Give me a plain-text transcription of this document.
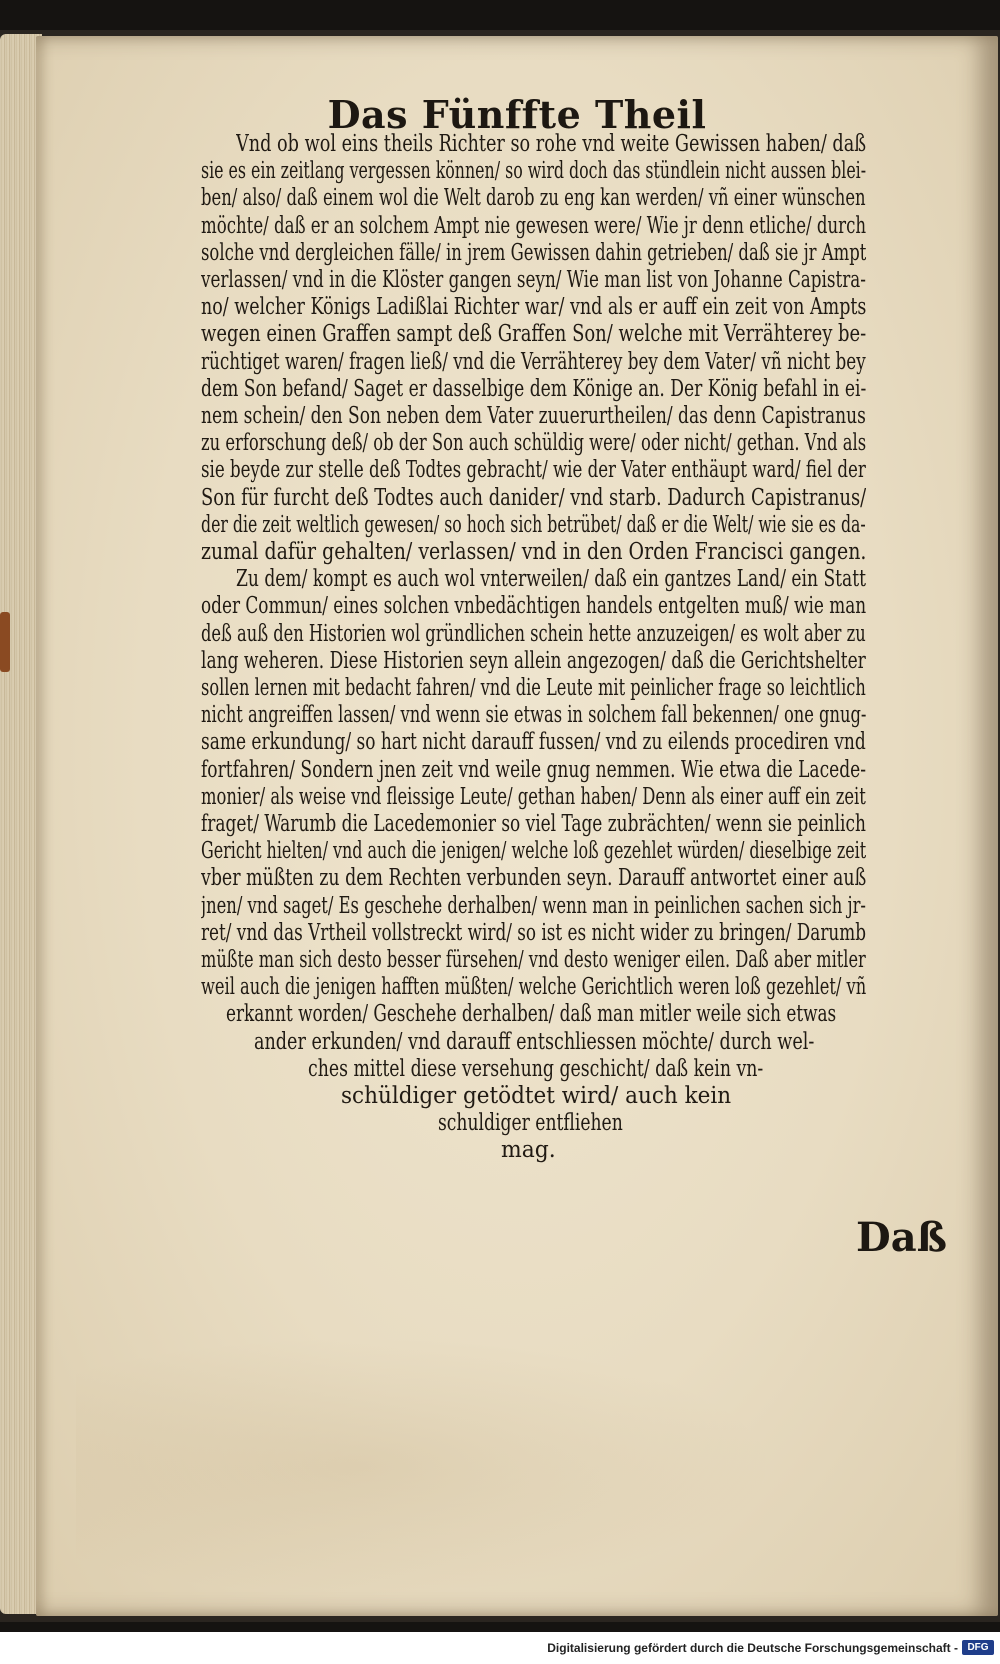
Das Fünffte Theil
Vnd ob wol eins theils Richter so rohe vnd weite Gewissen haben/ daß
sie es ein zeitlang vergessen können/ so wird doch das stündlein nicht aussen blei-
ben/ also/ daß einem wol die Welt darob zu eng kan werden/ vñ einer wünschen
möchte/ daß er an solchem Ampt nie gewesen were/ Wie jr denn etliche/ durch
solche vnd dergleichen fälle/ in jrem Gewissen dahin getrieben/ daß sie jr Ampt
verlassen/ vnd in die Klöster gangen seyn/ Wie man list von Johanne Capistra-
no/ welcher Königs Ladißlai Richter war/ vnd als er auff ein zeit von Ampts
wegen einen Graffen sampt deß Graffen Son/ welche mit Verrähterey be-
rüchtiget waren/ fragen ließ/ vnd die Verrähterey bey dem Vater/ vñ nicht bey
dem Son befand/ Saget er dasselbige dem Könige an. Der König befahl in ei-
nem schein/ den Son neben dem Vater zuuerurtheilen/ das denn Capistranus
zu erforschung deß/ ob der Son auch schüldig were/ oder nicht/ gethan. Vnd als
sie beyde zur stelle deß Todtes gebracht/ wie der Vater enthäupt ward/ fiel der
Son für furcht deß Todtes auch danider/ vnd starb. Dadurch Capistranus/
der die zeit weltlich gewesen/ so hoch sich betrübet/ daß er die Welt/ wie sie es da-
zumal dafür gehalten/ verlassen/ vnd in den Orden Francisci gangen.
Zu dem/ kompt es auch wol vnterweilen/ daß ein gantzes Land/ ein Statt
oder Commun/ eines solchen vnbedächtigen handels entgelten muß/ wie man
deß auß den Historien wol gründlichen schein hette anzuzeigen/ es wolt aber zu
lang weheren. Diese Historien seyn allein angezogen/ daß die Gerichtshelter
sollen lernen mit bedacht fahren/ vnd die Leute mit peinlicher frage so leichtlich
nicht angreiffen lassen/ vnd wenn sie etwas in solchem fall bekennen/ one gnug-
same erkundung/ so hart nicht darauff fussen/ vnd zu eilends procediren vnd
fortfahren/ Sondern jnen zeit vnd weile gnug nemmen. Wie etwa die Lacede-
monier/ als weise vnd fleissige Leute/ gethan haben/ Denn als einer auff ein zeit
fraget/ Warumb die Lacedemonier so viel Tage zubrächten/ wenn sie peinlich
Gericht hielten/ vnd auch die jenigen/ welche loß gezehlet würden/ dieselbige zeit
vber müßten zu dem Rechten verbunden seyn. Darauff antwortet einer auß
jnen/ vnd saget/ Es geschehe derhalben/ wenn man in peinlichen sachen sich jr-
ret/ vnd das Vrtheil vollstreckt wird/ so ist es nicht wider zu bringen/ Darumb
müßte man sich desto besser fürsehen/ vnd desto weniger eilen. Daß aber mitler
weil auch die jenigen hafften müßten/ welche Gerichtlich weren loß gezehlet/ vñ
erkannt worden/ Geschehe derhalben/ daß man mitler weile sich etwas
ander erkunden/ vnd darauff entschliessen möchte/ durch wel-
ches mittel diese versehung geschicht/ daß kein vn-
schüldiger getödtet wird/ auch kein
schuldiger entfliehen
mag.
Daß
Digitalisierung gefördert durch die Deutsche Forschungsgemeinschaft - DFG
